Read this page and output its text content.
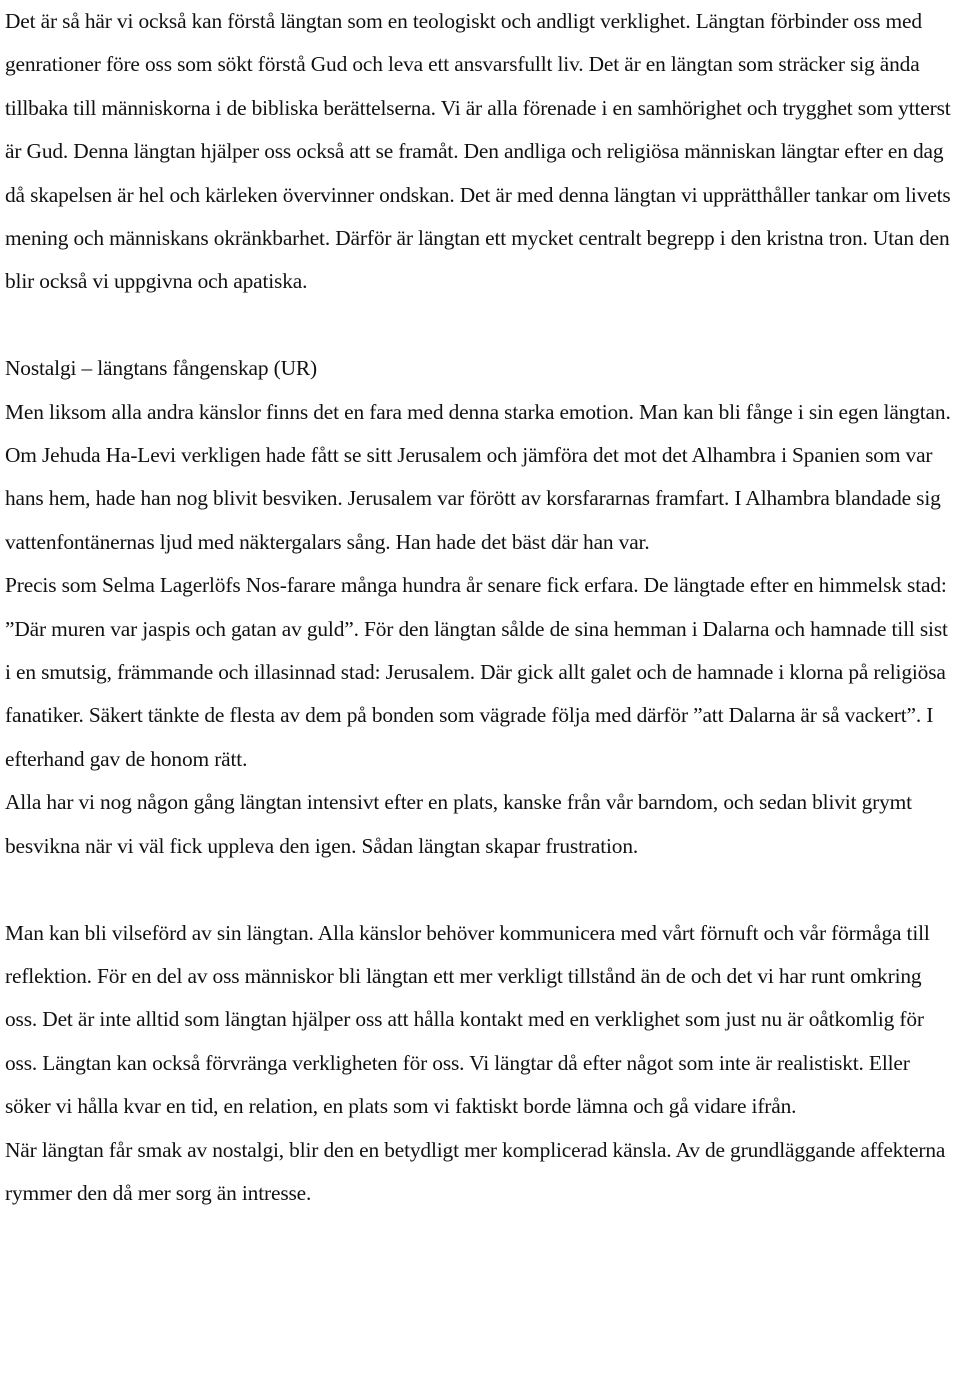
Det är så här vi också kan förstå längtan som en teologiskt och andligt verklighet. Längtan förbinder oss med genrationer före oss som sökt förstå Gud och leva ett ansvarsfullt liv. Det är en längtan som sträcker sig ända tillbaka till människorna i de bibliska berättelserna. Vi är alla förenade i en samhörighet och trygghet som ytterst är Gud. Denna längtan hjälper oss också att se framåt. Den andliga och religiösa människan längtar efter en dag då skapelsen är hel och kärleken övervinner ondskan. Det är med denna längtan vi upprätthåller tankar om livets mening och människans okränkbarhet. Därför är längtan ett mycket centralt begrepp i den kristna tron. Utan den blir också vi uppgivna och apatiska.

Nostalgi – längtans fångenskap (UR)

Men liksom alla andra känslor finns det en fara med denna starka emotion. Man kan bli fånge i sin egen längtan. Om Jehuda Ha-Levi verkligen hade fått se sitt Jerusalem och jämföra det mot det Alhambra i Spanien som var hans hem, hade han nog blivit besviken. Jerusalem var förött av korsfararnas framfart. I Alhambra blandade sig vattenfontänernas ljud med näktergalars sång. Han hade det bäst där han var.

Precis som Selma Lagerlöfs Nos-farare många hundra år senare fick erfara. De längtade efter en himmelsk stad: ”Där muren var jaspis och gatan av guld”. För den längtan sålde de sina hemman i Dalarna och hamnade till sist i en smutsig, främmande och illasinnad stad: Jerusalem. Där gick allt galet och de hamnade i klorna på religiösa fanatiker. Säkert tänkte de flesta av dem på bonden som vägrade följa med därför ”att Dalarna är så vackert”. I efterhand gav de honom rätt.

Alla har vi nog någon gång längtan intensivt efter en plats, kanske från vår barndom, och sedan blivit grymt besvikna när vi väl fick uppleva den igen. Sådan längtan skapar frustration.

Man kan bli vilseförd av sin längtan. Alla känslor behöver kommunicera med vårt förnuft och vår förmåga till reflektion. För en del av oss människor bli längtan ett mer verkligt tillstånd än de och det vi har runt omkring oss. Det är inte alltid som längtan hjälper oss att hålla kontakt med en verklighet som just nu är oåtkomlig för oss. Längtan kan också förvränga verkligheten för oss. Vi längtar då efter något som inte är realistiskt. Eller söker vi hålla kvar en tid, en relation, en plats som vi faktiskt borde lämna och gå vidare ifrån.

När längtan får smak av nostalgi, blir den en betydligt mer komplicerad känsla. Av de grundläggande affekterna rymmer den då mer sorg än intresse.
